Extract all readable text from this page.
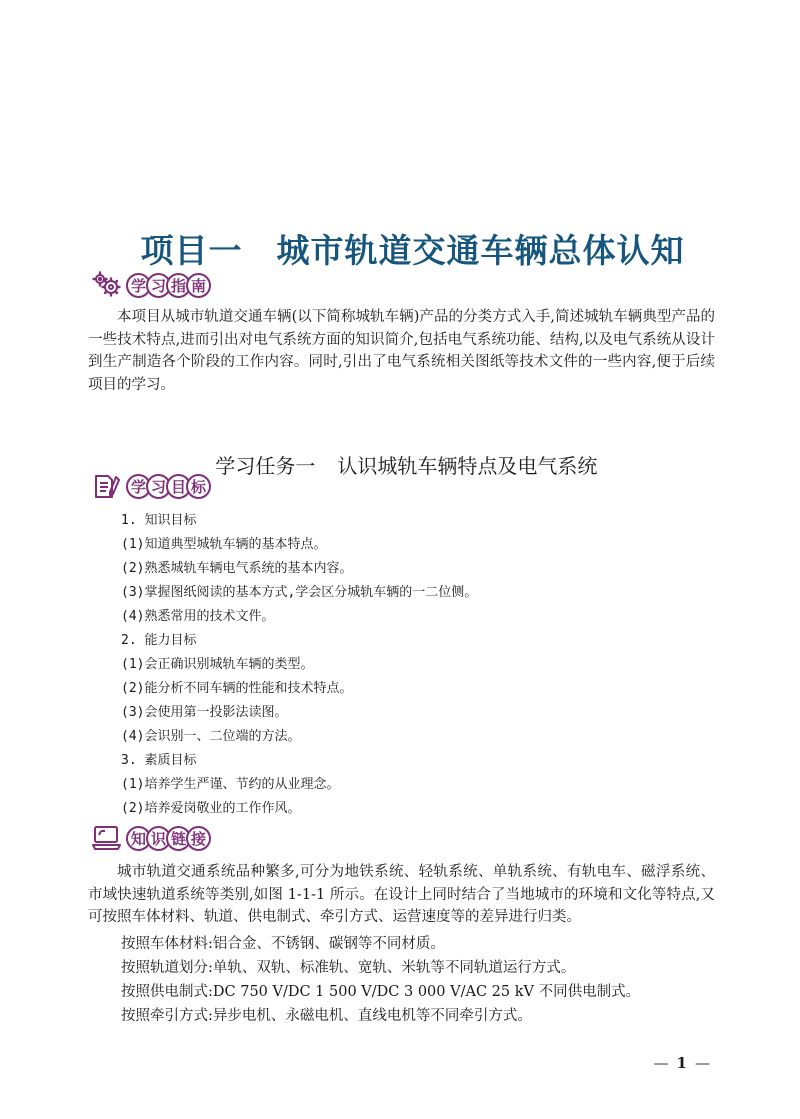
项目一 城市轨道交通车辆总体认知

学 习 指 南
本项目从城市轨道交通车辆(以下简称城轨车辆)产品的分类方式入手,简述城轨车辆典型产品的一些技术特点,进而引出对电气系统方面的知识简介,包括电气系统功能、结构,以及电气系统从设计到生产制造各个阶段的工作内容。同时,引出了电气系统相关图纸等技术文件的一些内容,便于后续项目的学习。

学习任务一 认识城轨车辆特点及电气系统

学 习 目 标
1. 知识目标
(1)知道典型城轨车辆的基本特点。
(2)熟悉城轨车辆电气系统的基本内容。
(3)掌握图纸阅读的基本方式,学会区分城轨车辆的一二位侧。
(4)熟悉常用的技术文件。
2. 能力目标
(1)会正确识别城轨车辆的类型。
(2)能分析不同车辆的性能和技术特点。
(3)会使用第一投影法读图。
(4)会识别一、二位端的方法。
3. 素质目标
(1)培养学生严谨、节约的从业理念。
(2)培养爱岗敬业的工作作风。
知 识 链 接
城市轨道交通系统品种繁多,可分为地铁系统、轻轨系统、单轨系统、有轨电车、磁浮系统、市域快速轨道系统等类别,如图 1-1-1 所示。在设计上同时结合了当地城市的环境和文化等特点,又可按照车体材料、轨道、供电制式、牵引方式、运营速度等的差异进行归类。
按照车体材料:铝合金、不锈钢、碳钢等不同材质。
按照轨道划分:单轨、双轨、标准轨、宽轨、米轨等不同轨道运行方式。
按照供电制式:DC 750 V/DC 1 500 V/DC 3 000 V/AC 25 kV 不同供电制式。
按照牵引方式:异步电机、永磁电机、直线电机等不同牵引方式。

— 1 —
